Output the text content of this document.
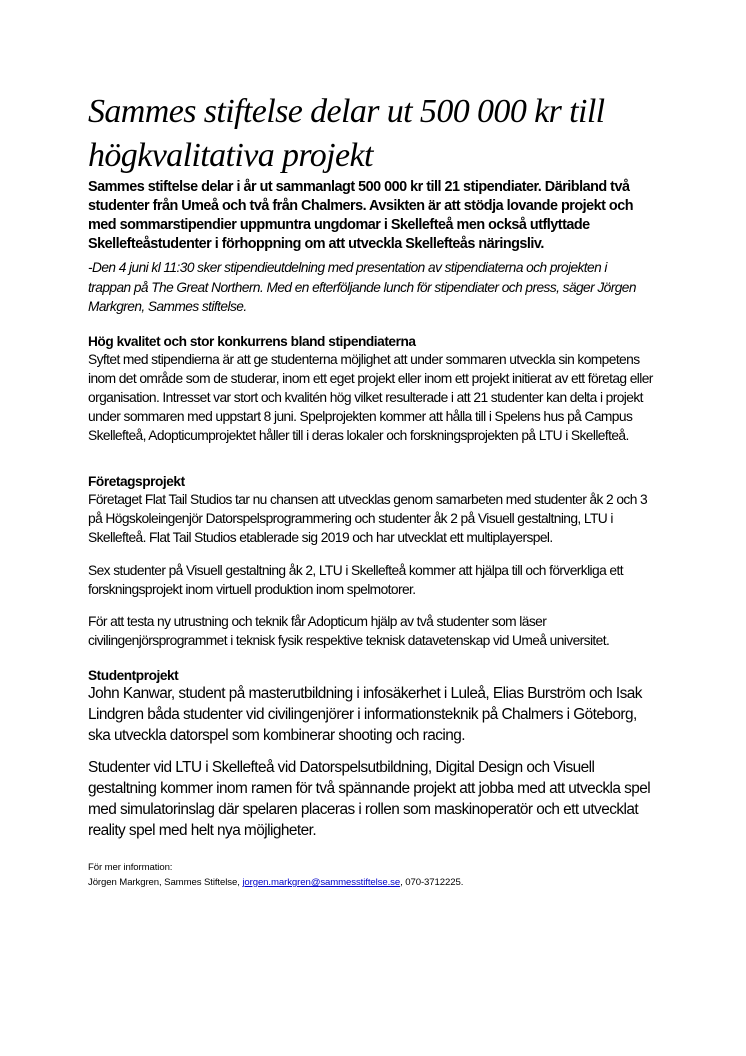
Sammes stiftelse delar ut 500 000 kr till högkvalitativa projekt

Sammes stiftelse delar i år ut sammanlagt 500 000 kr till 21 stipendiater. Däribland två studenter från Umeå och två från Chalmers. Avsikten är att stödja lovande projekt och med sommarstipendier uppmuntra ungdomar i Skellefteå men också utflyttade Skellefteåstudenter i förhoppning om att utveckla Skellefteås näringsliv.

-Den 4 juni kl 11:30 sker stipendieutdelning med presentation av stipendiaterna och projekten i trappan på The Great Northern. Med en efterföljande lunch för stipendiater och press, säger Jörgen Markgren, Sammes stiftelse.

Hög kvalitet och stor konkurrens bland stipendiaterna

Syftet med stipendierna är att ge studenterna möjlighet att under sommaren utveckla sin kompetens inom det område som de studerar, inom ett eget projekt eller inom ett projekt initierat av ett företag eller organisation. Intresset var stort och kvalitén hög vilket resulterade i att 21 studenter kan delta i projekt under sommaren med uppstart 8 juni. Spelprojekten kommer att hålla till i Spelens hus på Campus Skellefteå, Adopticumprojektet håller till i deras lokaler och forskningsprojekten på LTU i Skellefteå.

Företagsprojekt

Företaget Flat Tail Studios tar nu chansen att utvecklas genom samarbeten med studenter åk 2 och 3 på Högskoleingenjör Datorspelsprogrammering och studenter åk 2 på Visuell gestaltning, LTU i Skellefteå. Flat Tail Studios etablerade sig 2019 och har utvecklat ett multiplayerspel.

Sex studenter på Visuell gestaltning åk 2, LTU i Skellefteå kommer att hjälpa till och förverkliga ett forskningsprojekt inom virtuell produktion inom spelmotorer.

För att testa ny utrustning och teknik får Adopticum hjälp av två studenter som läser civilingenjörsprogrammet i teknisk fysik respektive teknisk datavetenskap vid Umeå universitet.

Studentprojekt

John Kanwar, student på masterutbildning i infosäkerhet i Luleå, Elias Burström och Isak Lindgren båda studenter vid civilingenjörer i informationsteknik på Chalmers i Göteborg, ska utveckla datorspel som kombinerar shooting och racing.

Studenter vid LTU i Skellefteå vid Datorspelsutbildning, Digital Design och Visuell gestaltning kommer inom ramen för två spännande projekt att jobba med att utveckla spel med simulatorinslag där spelaren placeras i rollen som maskinoperatör och ett utvecklat reality spel med helt nya möjligheter.

För mer information:

Jörgen Markgren, Sammes Stiftelse, jorgen.markgren@sammesstiftelse.se, 070-3712225.
